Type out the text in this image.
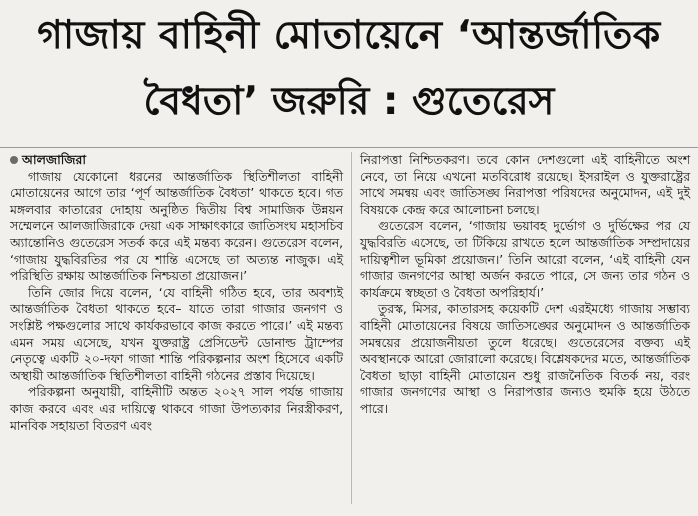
গাজায় বাহিনী মোতায়েনে ‘আন্তর্জাতিক
বৈধতা’ জরুরি : গুতেরেস
আলজাজিরা

গাজায় যেকোনো ধরনের আন্তর্জাতিক স্থিতিশীলতা বাহিনী মোতায়েনের আগে তার ‘পূর্ণ আন্তর্জাতিক বৈধতা’ থাকতে হবে। গত মঙ্গলবার কাতারের দোহায় অনুষ্ঠিত দ্বিতীয় বিশ্ব সামাজিক উন্নয়ন সম্মেলনে আলজাজিরাকে দেয়া এক সাক্ষাৎকারে জাতিসংঘ মহাসচিব অ্যান্তোনিও গুতেরেস সতর্ক করে এই মন্তব্য করেন। গুতেরেস বলেন, ‘গাজায় যুদ্ধবিরতির পর যে শান্তি এসেছে তা অত্যন্ত নাজুক। এই পরিস্থিতি রক্ষায় আন্তর্জাতিক নিশ্চয়তা প্রয়োজন।’

তিনি জোর দিয়ে বলেন, ‘যে বাহিনী গঠিত হবে, তার অবশ্যই আন্তর্জাতিক বৈধতা থাকতে হবে– যাতে তারা গাজার জনগণ ও সংশ্লিষ্ট পক্ষগুলোর সাথে কার্যকরভাবে কাজ করতে পারে।’ এই মন্তব্য এমন সময় এসেছে, যখন যুক্তরাষ্ট্র প্রেসিডেন্ট ডোনাল্ড ট্রাম্পের নেতৃত্বে একটি ২০-দফা গাজা শান্তি পরিকল্পনার অংশ হিসেবে একটি অস্থায়ী আন্তর্জাতিক স্থিতিশীলতা বাহিনী গঠনের প্রস্তাব দিয়েছে।

পরিকল্পনা অনুযায়ী, বাহিনীটি অন্তত ২০২৭ সাল পর্যন্ত গাজায় কাজ করবে এবং এর দায়িত্বে থাকবে গাজা উপত্যকার নিরস্ত্রীকরণ, মানবিক সহায়তা বিতরণ এবং

নিরাপত্তা নিশ্চিতকরণ। তবে কোন দেশগুলো এই বাহিনীতে অংশ নেবে, তা নিয়ে এখনো মতবিরোধ রয়েছে। ইসরাইল ও যুক্তরাষ্ট্রের সাথে সমন্বয় এবং জাতিসঙ্ঘ নিরাপত্তা পরিষদের অনুমোদন, এই দুই বিষয়কে কেন্দ্র করে আলোচনা চলছে।

গুতেরেস বলেন, ‘গাজায় ভয়াবহ দুর্ভোগ ও দুর্ভিক্ষের পর যে যুদ্ধবিরতি এসেছে, তা টিকিয়ে রাখতে হলে আন্তর্জাতিক সম্প্রদায়ের দায়িত্বশীল ভূমিকা প্রয়োজন।’ তিনি আরো বলেন, ‘এই বাহিনী যেন গাজার জনগণের আস্থা অর্জন করতে পারে, সে জন্য তার গঠন ও কার্যক্রমে স্বচ্ছতা ও বৈধতা অপরিহার্য।’

তুরস্ক, মিসর, কাতারসহ কয়েকটি দেশ এরইমধ্যে গাজায় সম্ভাব্য বাহিনী মোতায়েনের বিষয়ে জাতিসঙ্ঘের অনুমোদন ও আন্তর্জাতিক সমন্বয়ের প্রয়োজনীয়তা তুলে ধরেছে। গুতেরেসের বক্তব্য এই অবস্থানকে আরো জোরালো করেছে। বিশ্লেষকদের মতে, আন্তর্জাতিক বৈধতা ছাড়া বাহিনী মোতায়েন শুধু রাজনৈতিক বিতর্ক নয়, বরং গাজার জনগণের আস্থা ও নিরাপত্তার জন্যও হুমকি হয়ে উঠতে পারে।
